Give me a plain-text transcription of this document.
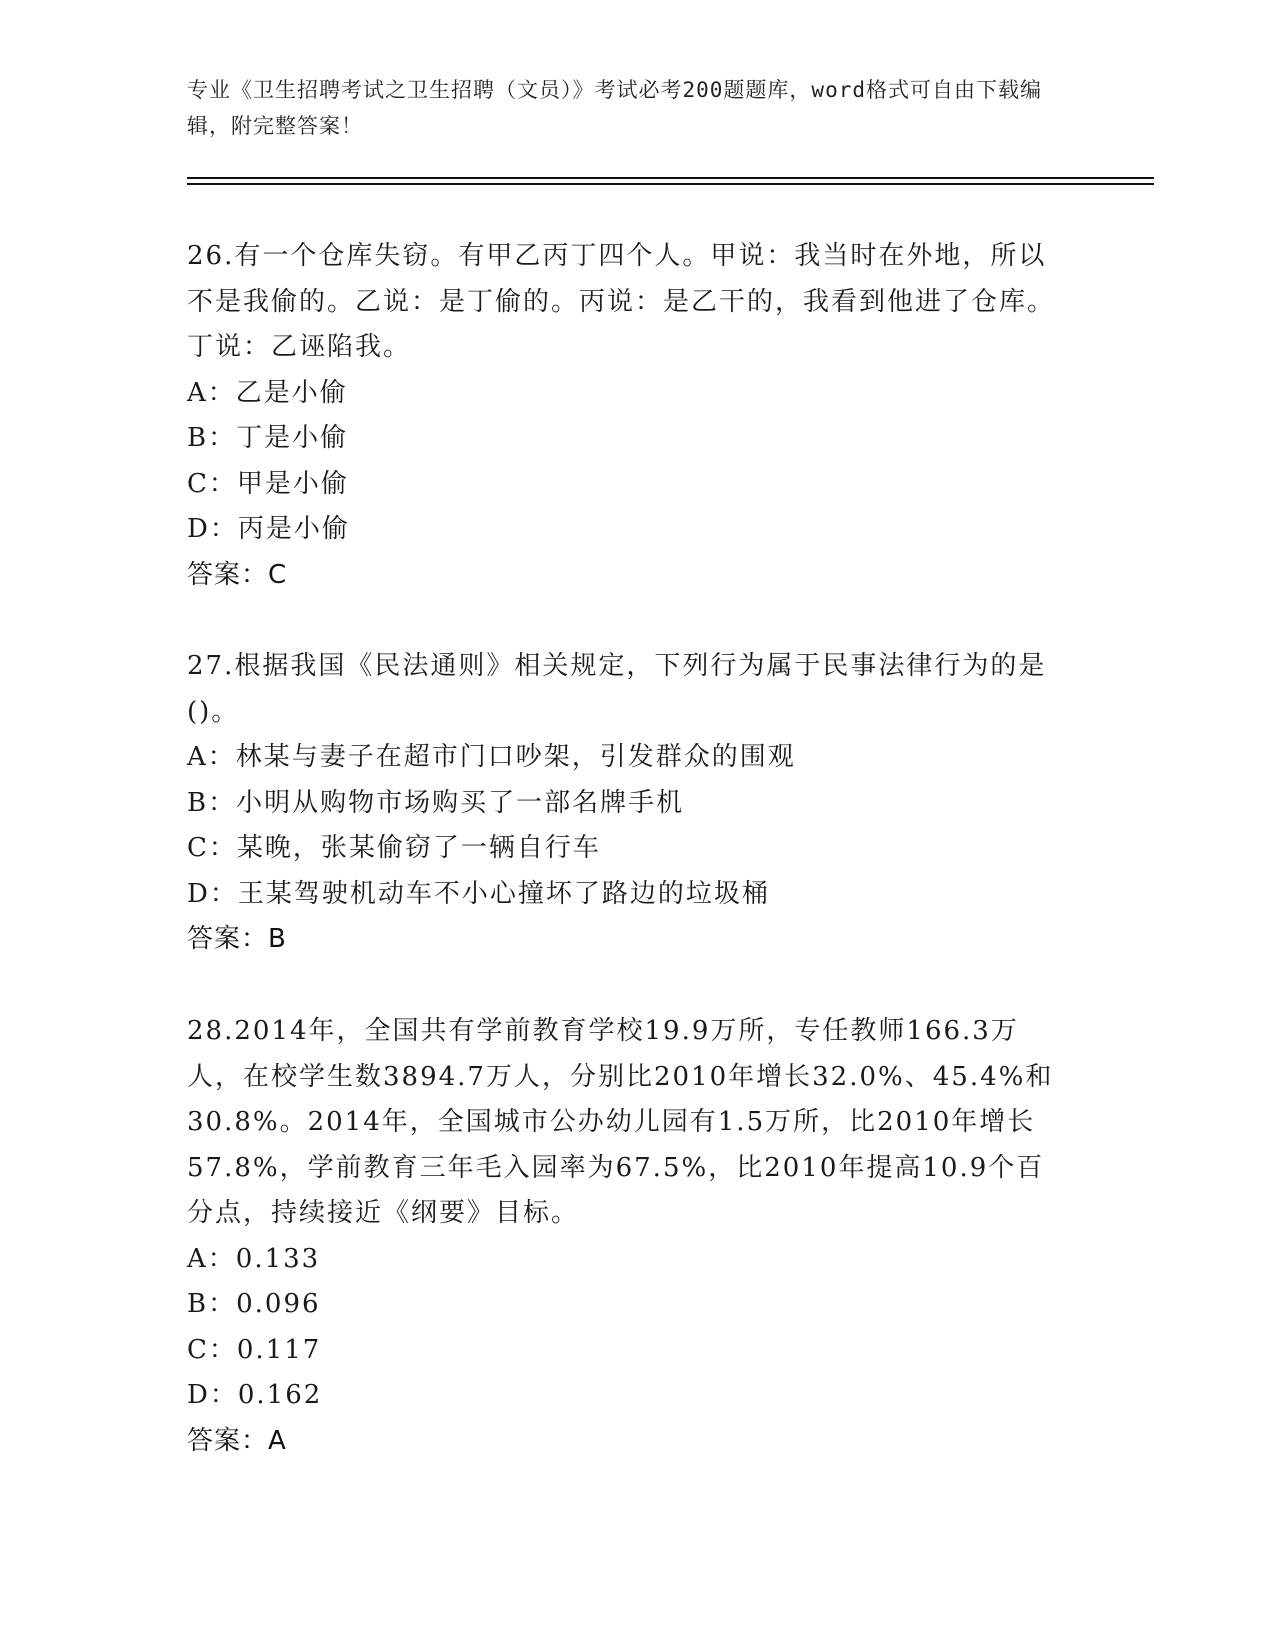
专业《卫生招聘考试之卫生招聘（文员）》考试必考200题题库，word格式可自由下载编辑，附完整答案！

26.有一个仓库失窃。有甲乙丙丁四个人。甲说：我当时在外地，所以不是我偷的。乙说：是丁偷的。丙说：是乙干的，我看到他进了仓库。丁说：乙诬陷我。

A：乙是小偷

B：丁是小偷

C：甲是小偷

D：丙是小偷

答案：C

27.根据我国《民法通则》相关规定，下列行为属于民事法律行为的是()。

A：林某与妻子在超市门口吵架，引发群众的围观

B：小明从购物市场购买了一部名牌手机

C：某晚，张某偷窃了一辆自行车

D：王某驾驶机动车不小心撞坏了路边的垃圾桶

答案：B

28.2014年，全国共有学前教育学校19.9万所，专任教师166.3万人，在校学生数3894.7万人，分别比2010年增长32.0%、45.4%和30.8%。2014年，全国城市公办幼儿园有1.5万所，比2010年增长57.8%，学前教育三年毛入园率为67.5%，比2010年提高10.9个百分点，持续接近《纲要》目标。

A：0.133

B：0.096

C：0.117

D：0.162

答案：A
